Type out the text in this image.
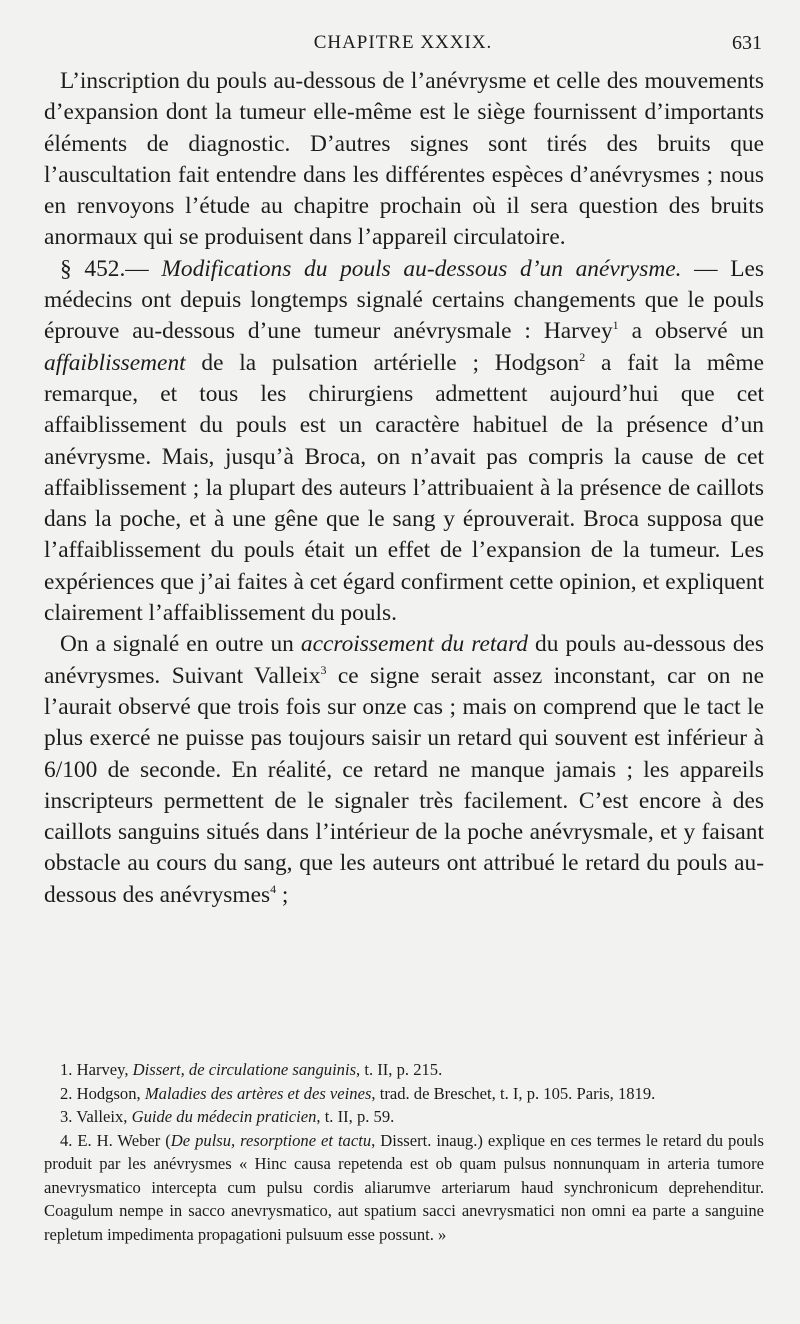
CHAPITRE XXXIX.	631

L’inscription du pouls au-dessous de l’anévrysme et celle des mouvements d’expansion dont la tumeur elle-même est le siège fournissent d’importants éléments de diagnostic. D’autres signes sont tirés des bruits que l’auscultation fait entendre dans les différentes espèces d’anévrysmes ; nous en renvoyons l’étude au chapitre prochain où il sera question des bruits anormaux qui se produisent dans l’appareil circulatoire.

§ 452.— Modifications du pouls au-dessous d’un anévrysme. — Les médecins ont depuis longtemps signalé certains changements que le pouls éprouve au-dessous d’une tumeur anévrysmale : Harvey$^1$ a observé un affaiblissement de la pulsation artérielle ; Hodgson$^2$ a fait la même remarque, et tous les chirurgiens admettent aujourd’hui que cet affaiblissement du pouls est un caractère habituel de la présence d’un anévrysme. Mais, jusqu’à Broca, on n’avait pas compris la cause de cet affaiblissement ; la plupart des auteurs l’attribuaient à la présence de caillots dans la poche, et à une gêne que le sang y éprouverait. Broca supposa que l’affaiblissement du pouls était un effet de l’expansion de la tumeur. Les expériences que j’ai faites à cet égard confirment cette opinion, et expliquent clairement l’affaiblissement du pouls.

On a signalé en outre un accroissement du retard du pouls au-dessous des anévrysmes. Suivant Valleix$^3$ ce signe serait assez inconstant, car on ne l’aurait observé que trois fois sur onze cas ; mais on comprend que le tact le plus exercé ne puisse pas toujours saisir un retard qui souvent est inférieur à 6/100 de seconde. En réalité, ce retard ne manque jamais ; les appareils inscripteurs permettent de le signaler très facilement. C’est encore à des caillots sanguins situés dans l’intérieur de la poche anévrysmale, et y faisant obstacle au cours du sang, que les auteurs ont attribué le retard du pouls au-dessous des anévrysmes$^4$ ;

1. Harvey, Dissert, de circulatione sanguinis, t. II, p. 215.

2. Hodgson, Maladies des artères et des veines, trad. de Breschet, t. I, p. 105. Paris, 1819.

3. Valleix, Guide du médecin praticien, t. II, p. 59.

4. E. H. Weber (De pulsu, resorptione et tactu, Dissert. inaug.) explique en ces termes le retard du pouls produit par les anévrysmes « Hinc causa repetenda est ob quam pulsus nonnunquam in arteria tumore anevrysmatico intercepta cum pulsu cordis aliarumve arteriarum haud synchronicum deprehenditur. Coagulum nempe in sacco anevrysmatico, aut spatium sacci anevrysmatici non omni ea parte a sanguine repletum impedimenta propagationi pulsuum esse possunt. »
